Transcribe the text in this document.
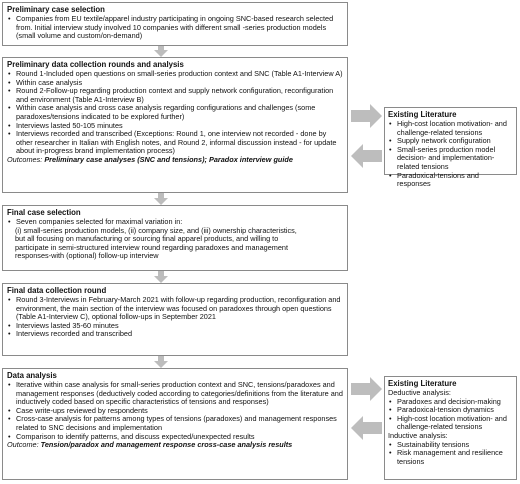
Preliminary case selection
• Companies from EU textile/apparel industry participating in ongoing SNC-based research selected from. Initial interview study involved 10 companies with different small -series production models (small volume and custom/on-demand)
Preliminary data collection rounds and analysis
• Round 1-Included open questions on small-series production context and SNC (Table A1-Interview A)
• Within case analysis
• Round 2-Follow-up regarding production context and supply network configuration, reconfiguration and environment (Table A1-Interview B)
• Within case analysis and cross case analysis regarding configurations and challenges (some paradoxes/tensions indicated to be explored further)
• Interviews lasted 50-105 minutes
• Interviews recorded and transcribed (Exceptions: Round 1, one interview not recorded - done by other researcher in Italian with English notes, and Round 2, informal discussion instead - for update about in-progress brand implementation process)
Outcomes: Preliminary case analyses (SNC and tensions); Paradox interview guide
Final case selection
• Seven companies selected for maximal variation in:
(i) small-series production models, (ii) company size, and (iii) ownership characteristics,
but all focusing on manufacturing or sourcing final apparel products, and willing to
participate in semi-structured interview round regarding paradoxes and management
responses-with (optional) follow-up interview
Final data collection round
• Round 3-Interviews in February-March 2021 with follow-up regarding production, reconfiguration and environment, the main section of the interview was focused on paradoxes through open questions (Table A1-Interview C), optional follow-ups in September 2021
• Interviews lasted 35-60 minutes
• Interviews recorded and transcribed
Data analysis
• Iterative within case analysis for small-series production context and SNC, tensions/paradoxes and management responses (deductively coded according to categories/definitions from the literature and inductively coded based on specific characteristics of tensions and responses)
• Case write-ups reviewed by respondents
• Cross-case analysis for patterns among types of tensions (paradoxes) and management responses related to SNC decisions and implementation
• Comparison to identify patterns, and discuss expected/unexpected results
Outcome: Tension/paradox and management response cross-case analysis results
Existing Literature
• High-cost location motivation- and challenge-related tensions
• Supply network configuration
• Small-series production model decision- and implementation-related tensions
• Paradoxical-tensions and responses
Existing Literature
Deductive analysis:
• Paradoxes and decision-making
• Paradoxical-tension dynamics
• High-cost location motivation- and challenge-related tensions
Inductive analysis:
• Sustainability tensions
• Risk management and resilience tensions
